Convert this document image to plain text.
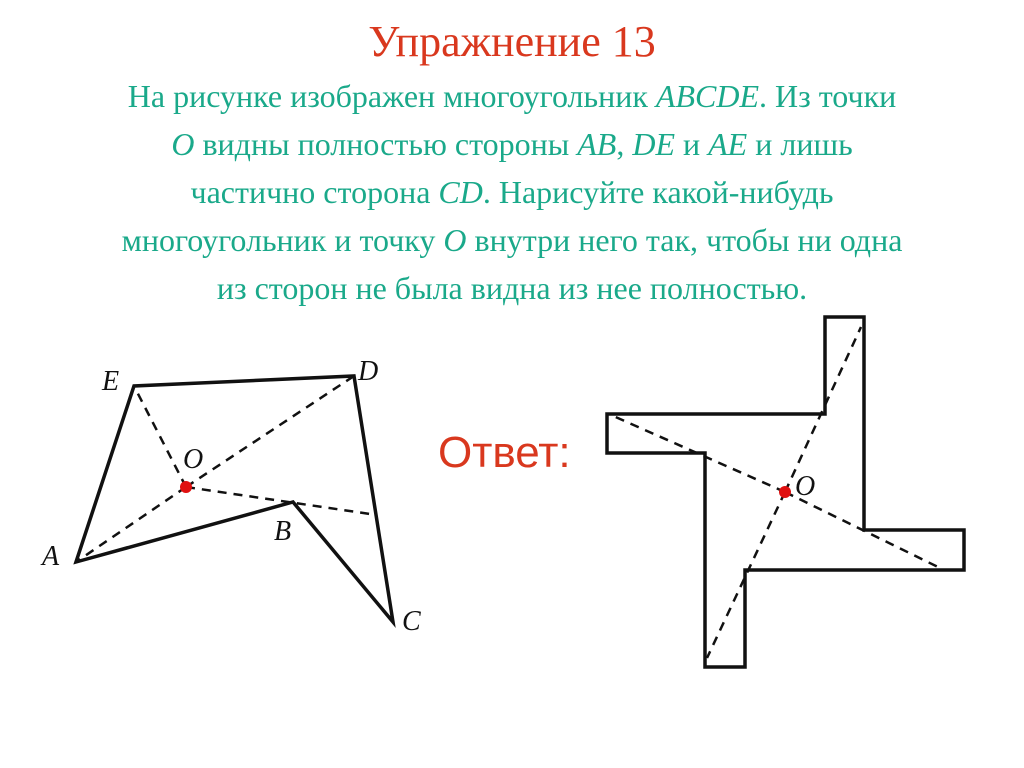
Упражнение 13
На рисунке изображен многоугольник ABCDE. Из точки
O видны полностью стороны AB, DE и AE и лишь
частично сторона CD. Нарисуйте какой-нибудь
многоугольник и точку O внутри него так, чтобы ни одна
из сторон не была видна из нее полностью.
Ответ:
A
B
C
D
E
O
O
